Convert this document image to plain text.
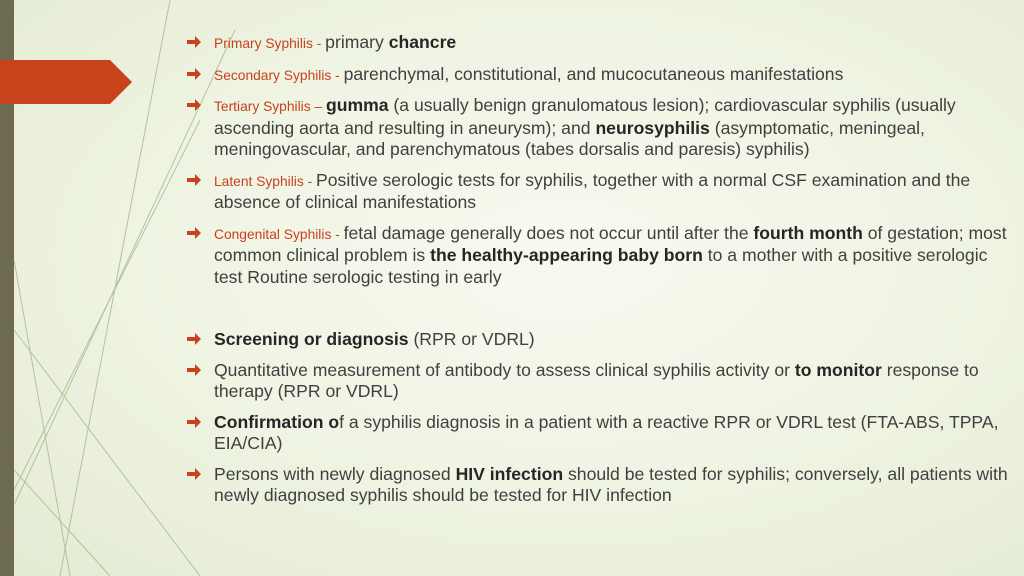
Primary Syphilis - primary chancre
Secondary Syphilis - parenchymal, constitutional, and mucocutaneous manifestations
Tertiary Syphilis – gumma (a usually benign granulomatous lesion); cardiovascular syphilis (usually ascending aorta and resulting in aneurysm); and neurosyphilis (asymptomatic, meningeal, meningovascular, and parenchymatous (tabes dorsalis and paresis) syphilis)
Latent Syphilis - Positive serologic tests for syphilis, together with a normal CSF examination and the absence of clinical manifestations
Congenital Syphilis - fetal damage generally does not occur until after the fourth month of gestation; most common clinical problem is the healthy-appearing baby born to a mother with a positive serologic test Routine serologic testing in early
Screening or diagnosis (RPR or VDRL)
Quantitative measurement of antibody to assess clinical syphilis activity or to monitor response to therapy (RPR or VDRL)
Confirmation of a syphilis diagnosis in a patient with a reactive RPR or VDRL test (FTA-ABS, TPPA, EIA/CIA)
Persons with newly diagnosed HIV infection should be tested for syphilis; conversely, all patients with newly diagnosed syphilis should be tested for HIV infection
